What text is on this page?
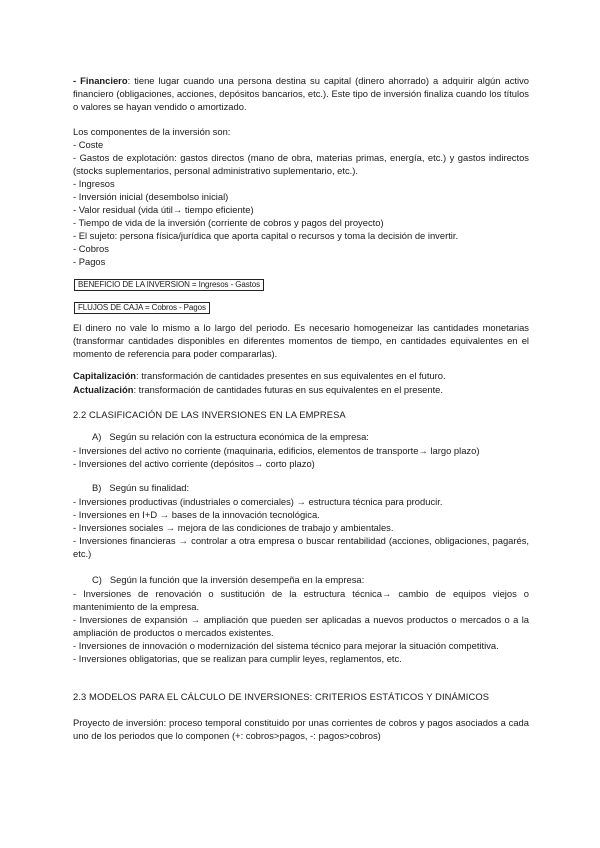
- Financiero: tiene lugar cuando una persona destina su capital (dinero ahorrado) a adquirir algún activo financiero (obligaciones, acciones, depósitos bancarios, etc.). Este tipo de inversión finaliza cuando los títulos o valores se hayan vendido o amortizado.

Los componentes de la inversión son:

- Coste
- Gastos de explotación: gastos directos (mano de obra, materias primas, energía, etc.) y gastos indirectos (stocks suplementarios, personal administrativo suplementario, etc.).
- Ingresos
- Inversión inicial (desembolso inicial)
- Valor residual (vida útil→ tiempo eficiente)
- Tiempo de vida de la inversión (corriente de cobros y pagos del proyecto)
- El sujeto: persona física/jurídica que aporta capital o recursos y toma la decisión de invertir.
- Cobros
- Pagos
BENEFICIO DE LA INVERSION = Ingresos - Gastos
FLUJOS DE CAJA = Cobros - Pagos

El dinero no vale lo mismo a lo largo del periodo. Es necesario homogeneizar las cantidades monetarias (transformar cantidades disponibles en diferentes momentos de tiempo, en cantidades equivalentes en el momento de referencia para poder compararlas).

Capitalización: transformación de cantidades presentes en sus equivalentes en el futuro.

Actualización: transformación de cantidades futuras en sus equivalentes en el presente.

2.2 CLASIFICACIÓN DE LAS INVERSIONES EN LA EMPRESA
A) Según su relación con la estructura económica de la empresa:
- Inversiones del activo no corriente (maquinaria, edificios, elementos de transporte→ largo plazo)
- Inversiones del activo corriente (depósitos→ corto plazo)
B) Según su finalidad:
- Inversiones productivas (industriales o comerciales) → estructura técnica para producir.
- Inversiones en I+D → bases de la innovación tecnológica.
- Inversiones sociales → mejora de las condiciones de trabajo y ambientales.
- Inversiones financieras → controlar a otra empresa o buscar rentabilidad (acciones, obligaciones, pagarés, etc.)
C) Según la función que la inversión desempeña en la empresa:
- Inversiones de renovación o sustitución de la estructura técnica→ cambio de equipos viejos o mantenimiento de la empresa.
- Inversiones de expansión → ampliación que pueden ser aplicadas a nuevos productos o mercados o a la ampliación de productos o mercados existentes.
- Inversiones de innovación o modernización del sistema técnico para mejorar la situación competitiva.
- Inversiones obligatorias, que se realizan para cumplir leyes, reglamentos, etc.
2.3 MODELOS PARA EL CÁLCULO DE INVERSIONES: CRITERIOS ESTÁTICOS Y DINÁMICOS

Proyecto de inversión: proceso temporal constituido por unas corrientes de cobros y pagos asociados a cada uno de los periodos que lo componen (+: cobros>pagos, -: pagos>cobros)
